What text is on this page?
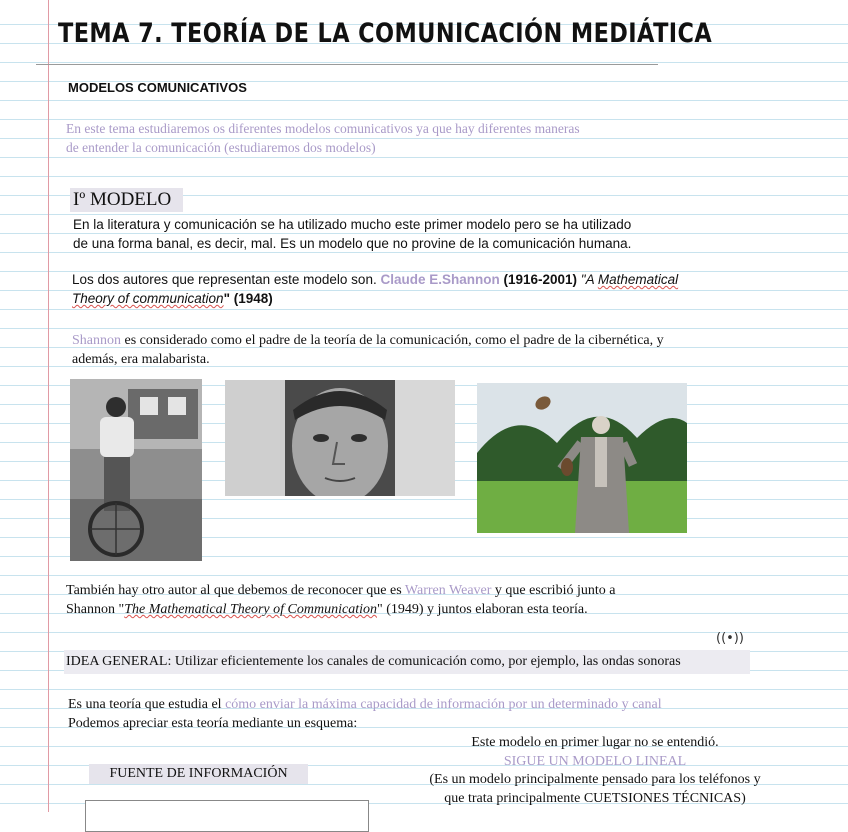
TEMA 7. TEORÍA DE LA COMUNICACIÓN MEDIÁTICA
MODELOS COMUNICATIVOS
En este tema estudiaremos os diferentes modelos comunicativos ya que hay diferentes maneras
de entender la comunicación (estudiaremos dos modelos)
Iº MODELO
En la literatura y comunicación se ha utilizado mucho este primer modelo pero se ha utilizado
de una forma banal, es decir, mal. Es un modelo que no provine de la comunicación humana.
Los dos autores que representan este modelo son. Claude E.Shannon (1916-2001) "A Mathematical
Theory of communication" (1948)
Shannon es considerado como el padre de la teoría de la comunicación, como el padre de la cibernética, y
además, era malabarista.
También hay otro autor al que debemos de reconocer que es Warren Weaver y que escribió junto a
Shannon "The Mathematical Theory of Communication" (1949) y juntos elaboran esta teoría.
((•))
IDEA GENERAL: Utilizar eficientemente los canales de comunicación como, por ejemplo, las ondas sonoras
Es una teoría que estudia el cómo enviar la máxima capacidad de información por un determinado y canal
Podemos apreciar esta teoría mediante un esquema:
Este modelo en primer lugar no se entendió.
SIGUE UN MODELO LINEAL
(Es un modelo principalmente pensado para los teléfonos y
que trata principalmente CUETSIONES TÉCNICAS)
FUENTE DE INFORMACIÓN
